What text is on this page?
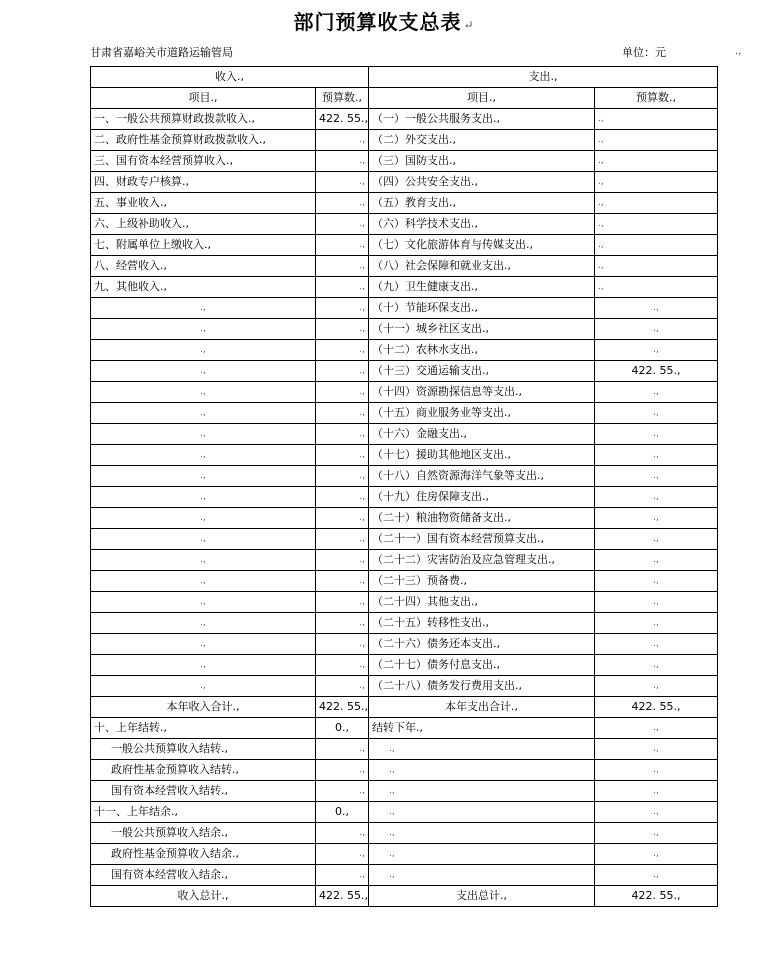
部门预算收支总表 ↵
甘肃省嘉峪关市道路运输管局	单位：元	.,
收入.,		支出.,	
项目.,	预算数.,	项目.,	预算数.,
一、一般公共预算财政拨款收入.,	422. 55.,	（一）一般公共服务支出.,	.,
二、政府性基金预算财政拨款收入.,	.,	（二）外交支出.,	.,
三、国有资本经营预算收入.,	.,	（三）国防支出.,	.,
四、财政专户核算.,	.,	（四）公共安全支出.,	.,
五、事业收入.,	.,	（五）教育支出.,	.,
六、上级补助收入.,	.,	（六）科学技术支出.,	.,
七、附属单位上缴收入.,	.,	（七）文化旅游体育与传媒支出.,	.,
八、经营收入.,	.,	（八）社会保障和就业支出.,	.,
九、其他收入.,	.,	（九）卫生健康支出.,	.,
.,	.,	（十）节能环保支出.,	.,
.,	.,	（十一）城乡社区支出.,	.,
.,	.,	（十二）农林水支出.,	.,
.,	.,	（十三）交通运输支出.,	422. 55.,
.,	.,	（十四）资源勘探信息等支出.,	.,
.,	.,	（十五）商业服务业等支出.,	.,
.,	.,	（十六）金融支出.,	.,
.,	.,	（十七）援助其他地区支出.,	.,
.,	.,	（十八）自然资源海洋气象等支出.,	.,
.,	.,	（十九）住房保障支出.,	.,
.,	.,	（二十）粮油物资储备支出.,	.,
.,	.,	（二十一）国有资本经营预算支出.,	.,
.,	.,	（二十二）灾害防治及应急管理支出.,	.,
.,	.,	（二十三）预备费.,	.,
.,	.,	（二十四）其他支出.,	.,
.,	.,	（二十五）转移性支出.,	.,
.,	.,	（二十六）债务还本支出.,	.,
.,	.,	（二十七）债务付息支出.,	.,
.,	.,	（二十八）债务发行费用支出.,	.,
本年收入合计.,	422. 55.,	本年支出合计.,	422. 55.,
十、上年结转.,	0.,	结转下年.,	.,
一般公共预算收入结转.,	.,	.,	.,
政府性基金预算收入结转.,	.,	.,	.,
国有资本经营收入结转.,	.,	.,	.,
十一、上年结余.,	0.,	.,	.,
一般公共预算收入结余.,	.,	.,	.,
政府性基金预算收入结余.,	.,	.,	.,
国有资本经营收入结余.,	.,	.,	.,
收入总计.,	422. 55.,	支出总计.,	422. 55.,
